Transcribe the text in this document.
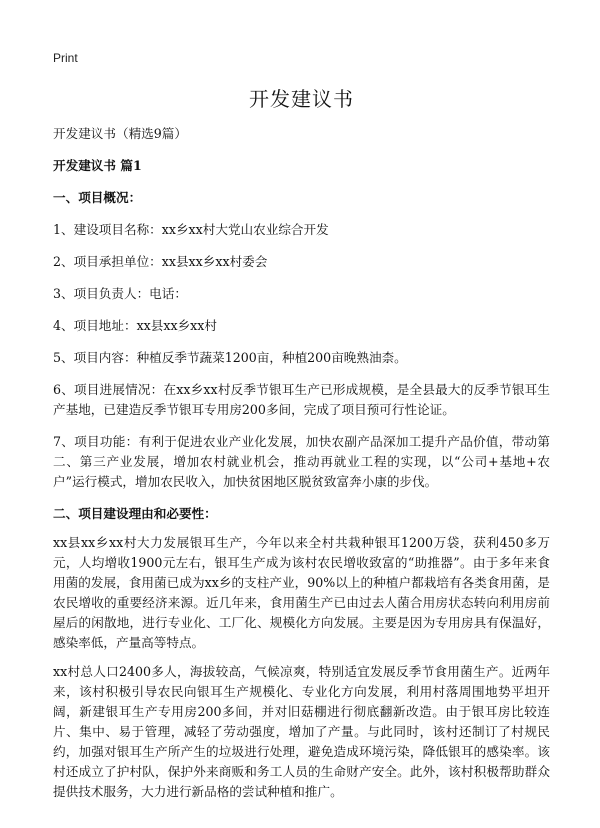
Print
开发建议书

开发建议书（精选9篇）

开发建议书 篇1

一、项目概况：

1、建设项目名称：xx乡xx村大党山农业综合开发

2、项目承担单位：xx县xx乡xx村委会

3、项目负责人：电话：

4、项目地址：xx县xx乡xx村

5、项目内容：种植反季节蔬菜1200亩，种植200亩晚熟油柰。

6、项目进展情况：在xx乡xx村反季节银耳生产已形成规模，是全县最大的反季节银耳生产基地，已建造反季节银耳专用房200多间，完成了项目预可行性论证。

7、项目功能：有利于促进农业产业化发展，加快农副产品深加工提升产品价值，带动第二、第三产业发展，增加农村就业机会，推动再就业工程的实现，以“公司+基地+农户”运行模式，增加农民收入，加快贫困地区脱贫致富奔小康的步伐。

二、项目建设理由和必要性：

xx县xx乡xx村大力发展银耳生产，今年以来全村共栽种银耳1200万袋，获利450多万元，人均增收1900元左右，银耳生产成为该村农民增收致富的“助推器”。由于多年来食用菌的发展，食用菌已成为xx乡的支柱产业，90%以上的种植户都栽培有各类食用菌，是农民增收的重要经济来源。近几年来，食用菌生产已由过去人菌合用房状态转向利用房前屋后的闲散地，进行专业化、工厂化、规模化方向发展。主要是因为专用房具有保温好，感染率低，产量高等特点。

xx村总人口2400多人，海拔较高，气候凉爽，特别适宜发展反季节食用菌生产。近两年来，该村积极引导农民向银耳生产规模化、专业化方向发展，利用村落周围地势平坦开阔，新建银耳生产专用房200多间，并对旧菇棚进行彻底翻新改造。由于银耳房比较连片、集中、易于管理，减轻了劳动强度，增加了产量。与此同时，该村还制订了村规民约，加强对银耳生产所产生的垃圾进行处理，避免造成环境污染，降低银耳的感染率。该村还成立了护村队，保护外来商贩和务工人员的生命财产安全。此外，该村积极帮助群众提供技术服务，大力进行新品格的尝试种植和推广。
